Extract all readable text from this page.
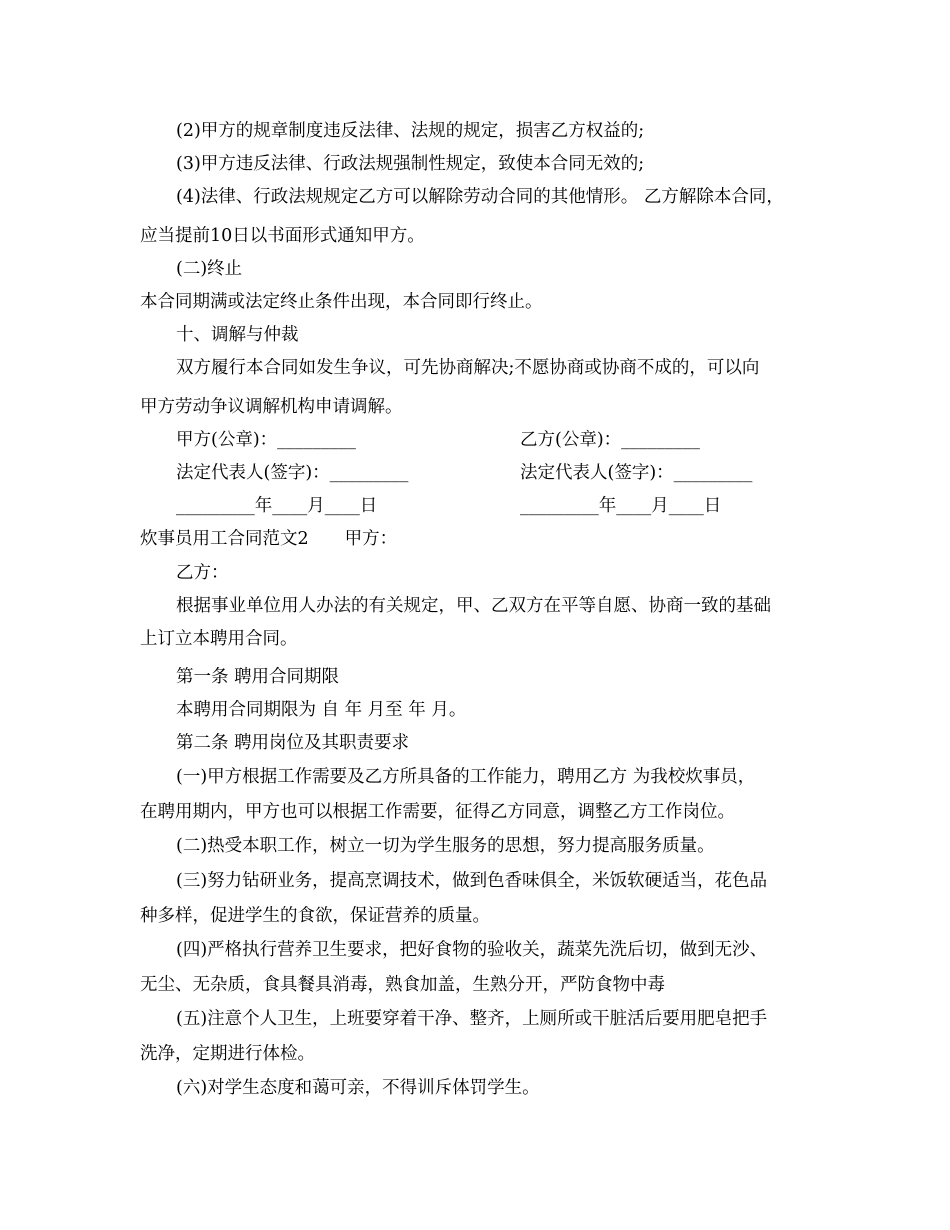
(2)甲方的规章制度违反法律、法规的规定，损害乙方权益的;
(3)甲方违反法律、行政法规强制性规定，致使本合同无效的;
(4)法律、行政法规规定乙方可以解除劳动合同的其他情形。 乙方解除本合同，
应当提前10日以书面形式通知甲方。
(二)终止
本合同期满或法定终止条件出现，本合同即行终止。
十、调解与仲裁
双方履行本合同如发生争议，可先协商解决;不愿协商或协商不成的，可以向
甲方劳动争议调解机构申请调解。
甲方(公章)：_________	乙方(公章)：_________
法定代表人(签字)：_________	法定代表人(签字)：_________
_________年____月____日	_________年____月____日
炊事员用工合同范文2 甲方：
乙方：
根据事业单位用人办法的有关规定，甲、乙双方在平等自愿、协商一致的基础
上订立本聘用合同。
第一条 聘用合同期限
本聘用合同期限为 自 年 月至 年 月。
第二条 聘用岗位及其职责要求
(一)甲方根据工作需要及乙方所具备的工作能力，聘用乙方 为我校炊事员，
在聘用期内，甲方也可以根据工作需要，征得乙方同意，调整乙方工作岗位。
(二)热受本职工作，树立一切为学生服务的思想，努力提高服务质量。
(三)努力钻研业务，提高烹调技术，做到色香味俱全，米饭软硬适当，花色品
种多样，促进学生的食欲，保证营养的质量。
(四)严格执行营养卫生要求，把好食物的验收关，蔬菜先洗后切，做到无沙、
无尘、无杂质，食具餐具消毒，熟食加盖，生熟分开，严防食物中毒
(五)注意个人卫生，上班要穿着干净、整齐，上厕所或干脏活后要用肥皂把手
洗净，定期进行体检。
(六)对学生态度和蔼可亲，不得训斥体罚学生。
